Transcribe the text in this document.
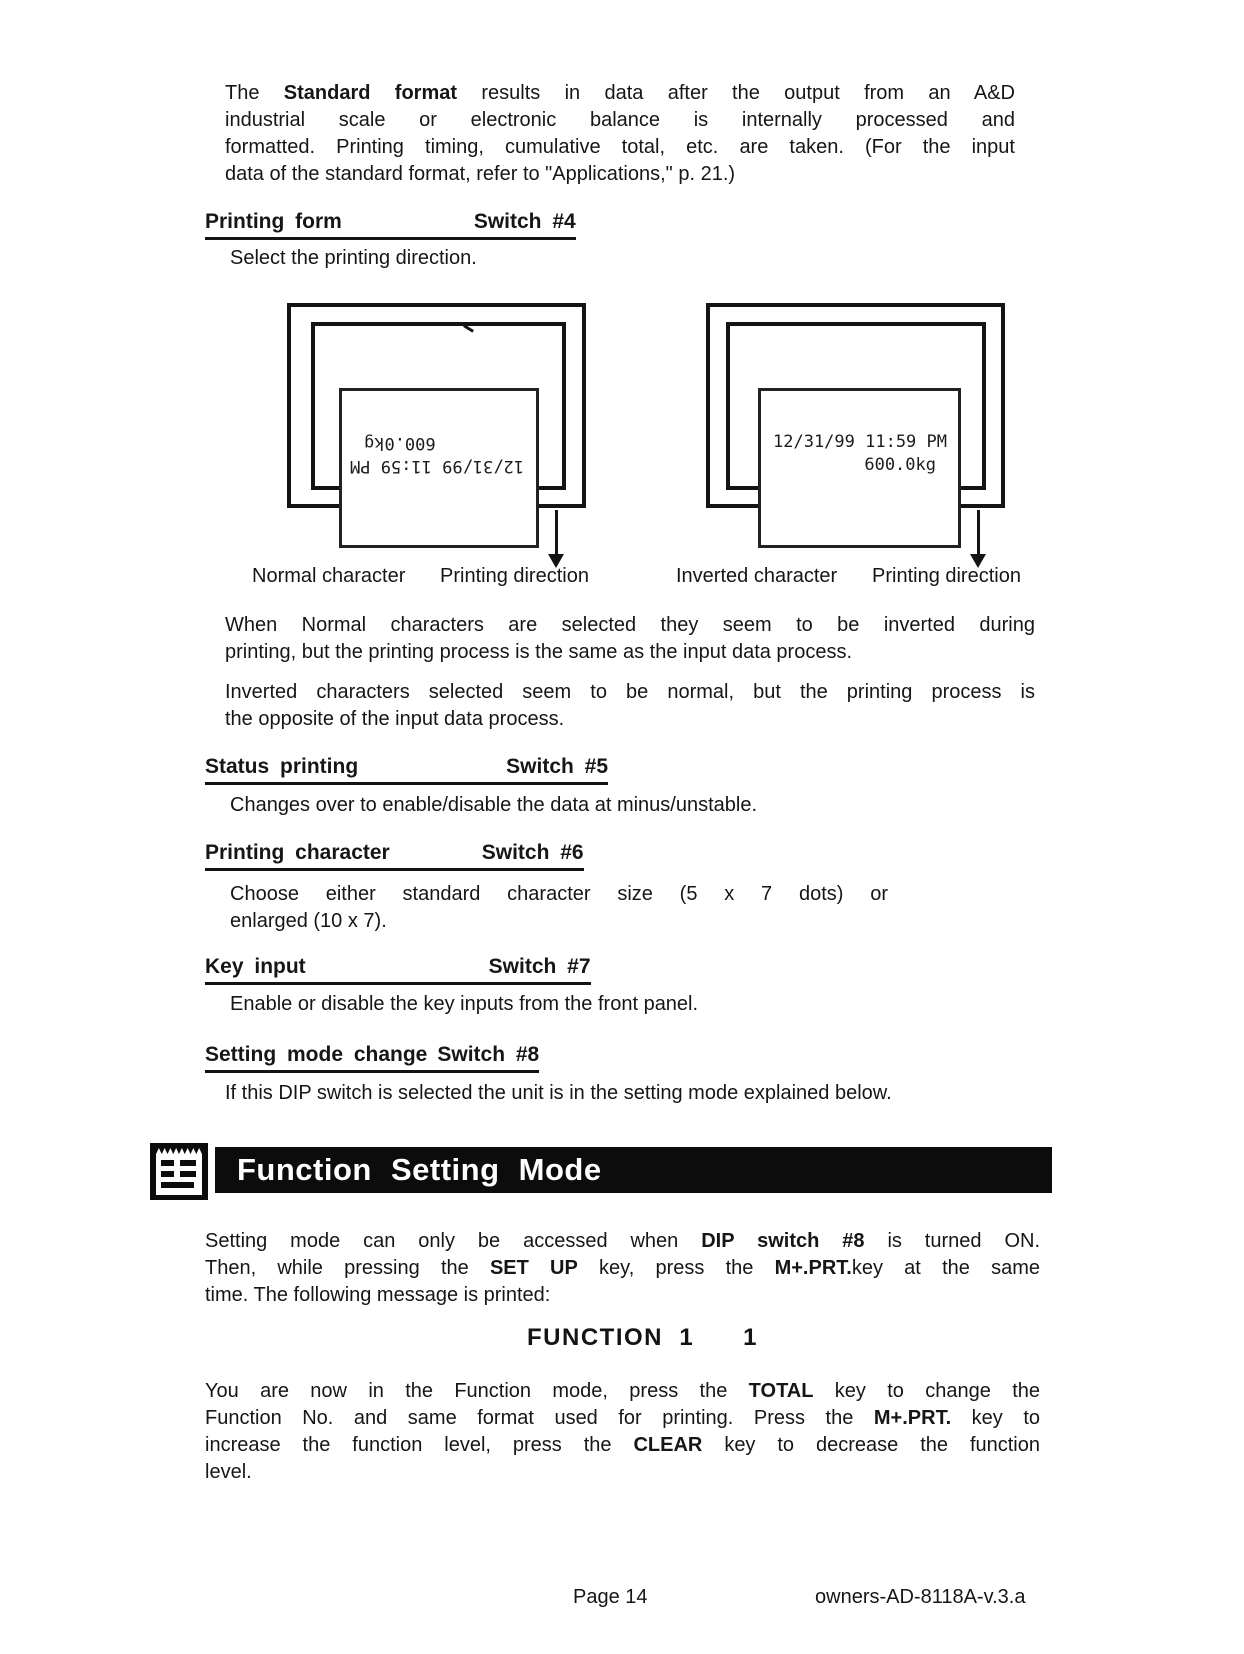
The Standard format results in data after the output from an A&D
industrial scale or electronic balance is internally processed and
formatted. Printing timing, cumulative total, etc. are taken. (For the input
data of the standard format, refer to "Applications," p. 21.)
Printing form	Switch #4
Select the printing direction.
12/31/99 11:59 PM
600.0kg	12/31/99 11:59 PM
600.0kg
Normal character Printing direction	Inverted character Printing direction
When Normal characters are selected they seem to be inverted during
printing, but the printing process is the same as the input data process.
Inverted characters selected seem to be normal, but the printing process is
the opposite of the input data process.
Status printing	Switch #5
Changes over to enable/disable the data at minus/unstable.
Printing character	Switch #6
Choose either standard character size (5 x 7 dots) or
enlarged (10 x 7).
Key input	Switch #7
Enable or disable the key inputs from the front panel.
Setting mode change Switch #8
If this DIP switch is selected the unit is in the setting mode explained below.
Function Setting Mode
Setting mode can only be accessed when DIP switch #8 is turned ON.
Then, while pressing the SET UP key, press the M+.PRT.key at the same
time. The following message is printed:
FUNCTION  1      1
You are now in the Function mode, press the TOTAL key to change the
Function No. and same format used for printing. Press the M+.PRT. key to
increase the function level, press the CLEAR key to decrease the function
level.
Page 14	owners-AD-8118A-v.3.a
